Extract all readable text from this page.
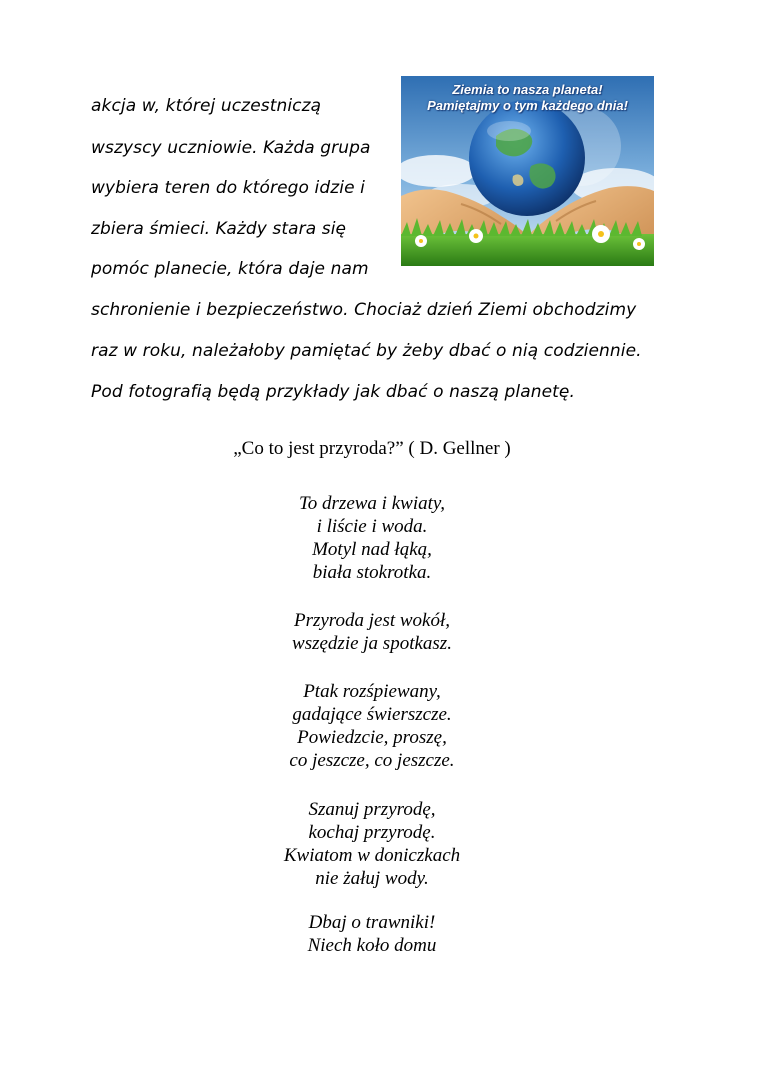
akcja w, której uczestniczą
wszyscy uczniowie. Każda grupa
wybiera teren do którego idzie i
zbiera śmieci. Każdy stara się
pomóc planecie, która daje nam
schronienie i bezpieczeństwo. Chociaż dzień Ziemi obchodzimy
raz w roku, należałoby pamiętać by żeby dbać o nią codziennie.
Pod fotografią będą przykłady jak dbać o naszą planetę.
Ziemia to nasza planeta!
Pamiętajmy o tym każdego dnia!
„Co to jest przyroda?” ( D. Gellner )
To drzewa i kwiaty,
i liście i woda.
Motyl nad łąką,
biała stokrotka.
Przyroda jest wokół,
wszędzie ja spotkasz.
Ptak rozśpiewany,
gadające świerszcze.
Powiedzcie, proszę,
co jeszcze, co jeszcze.
Szanuj przyrodę,
kochaj przyrodę.
Kwiatom w doniczkach
nie żałuj wody.
Dbaj o trawniki!
Niech koło domu
